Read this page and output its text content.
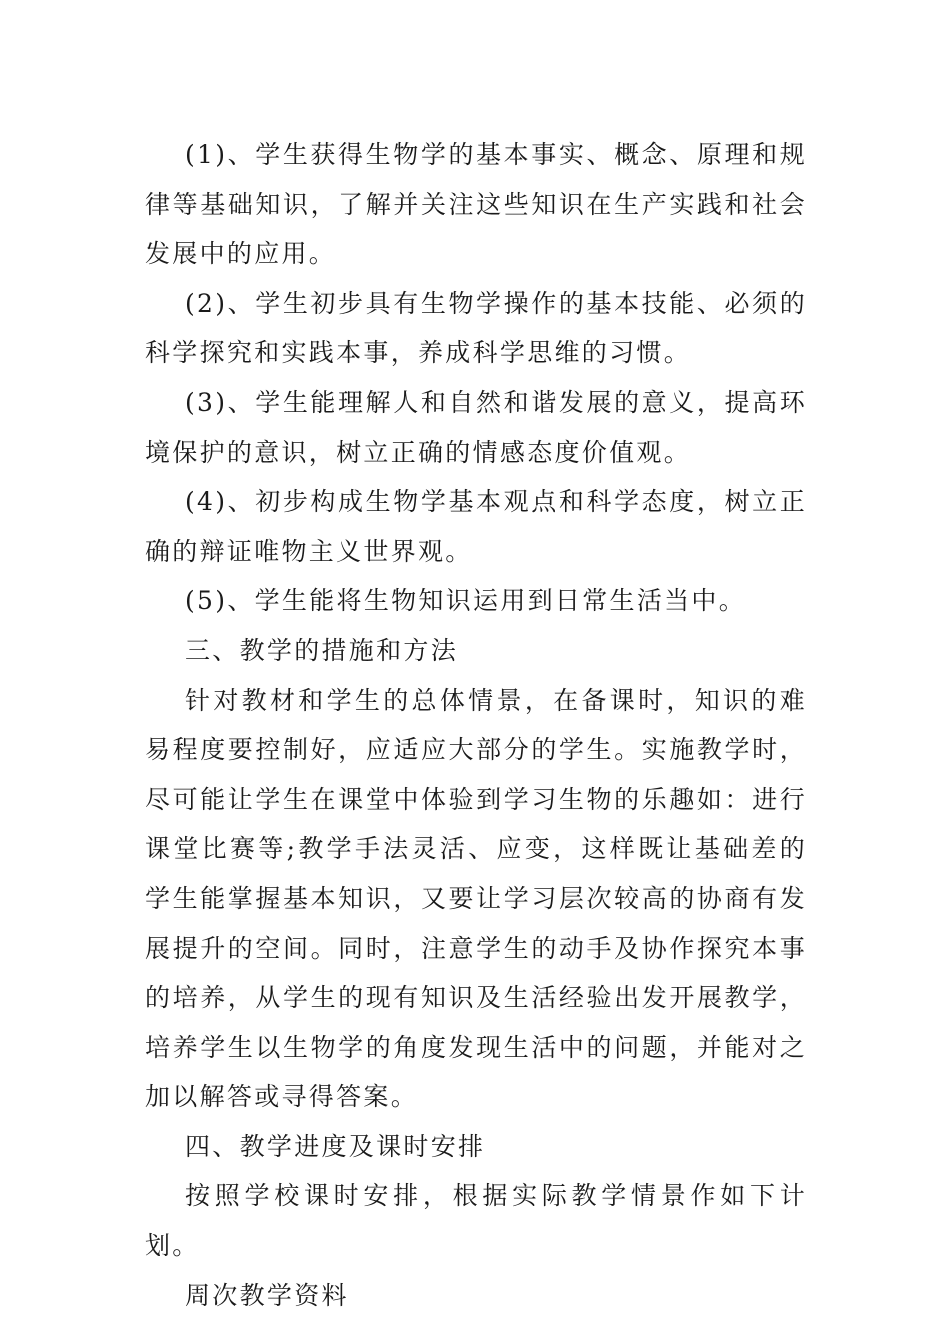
(1)、学生获得生物学的基本事实、概念、原理和规律等基础知识，了解并关注这些知识在生产实践和社会发展中的应用。

(2)、学生初步具有生物学操作的基本技能、必须的科学探究和实践本事，养成科学思维的习惯。

(3)、学生能理解人和自然和谐发展的意义，提高环境保护的意识，树立正确的情感态度价值观。

(4)、初步构成生物学基本观点和科学态度，树立正确的辩证唯物主义世界观。

(5)、学生能将生物知识运用到日常生活当中。

三、教学的措施和方法

针对教材和学生的总体情景，在备课时，知识的难易程度要控制好，应适应大部分的学生。实施教学时，尽可能让学生在课堂中体验到学习生物的乐趣如：进行课堂比赛等;教学手法灵活、应变，这样既让基础差的学生能掌握基本知识，又要让学习层次较高的协商有发展提升的空间。同时，注意学生的动手及协作探究本事的培养，从学生的现有知识及生活经验出发开展教学，培养学生以生物学的角度发现生活中的问题，并能对之加以解答或寻得答案。

四、教学进度及课时安排

按照学校课时安排，根据实际教学情景作如下计划。

周次教学资料
